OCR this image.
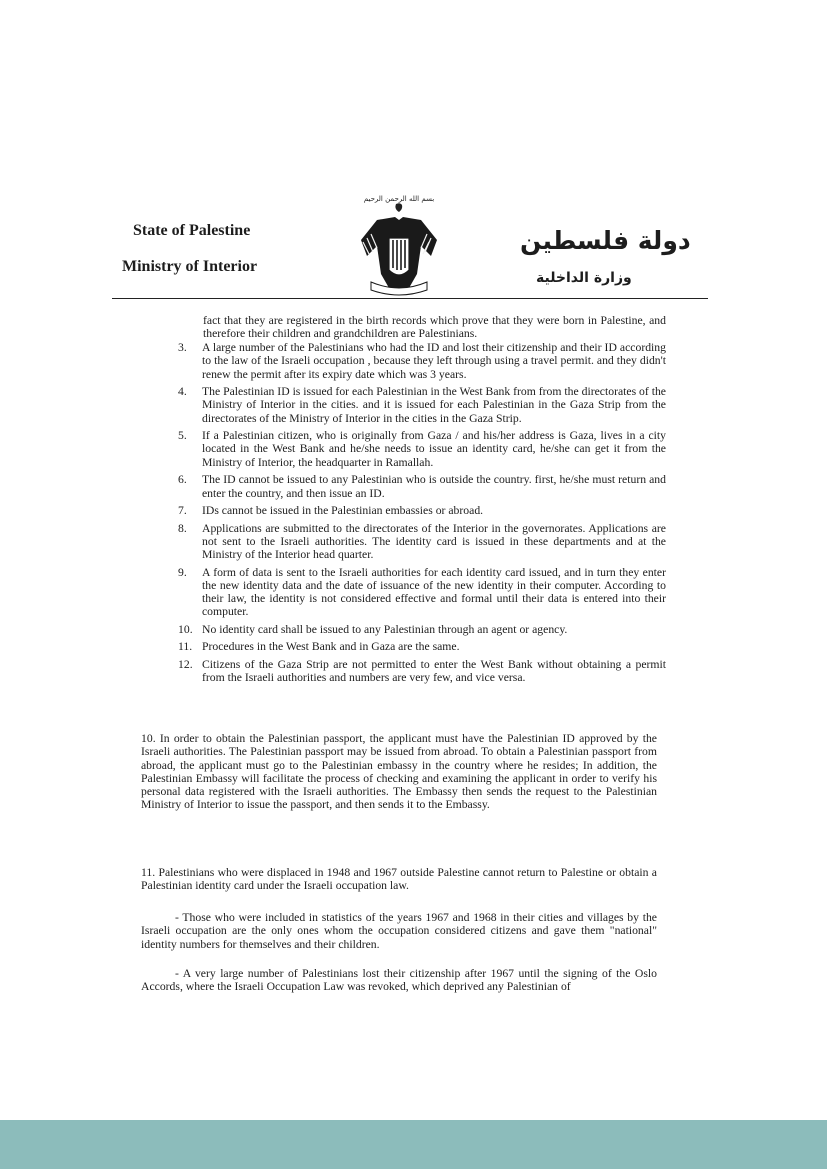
State of Palestine
Ministry of Interior
بسم الله الرحمن الرحيم
دولة فلسطين
وزارة الداخلية
fact that they are registered in the birth records which prove that they were born in Palestine, and therefore their children and grandchildren are Palestinians.
3.	A large number of the Palestinians who had the ID and lost their citizenship and their ID according to the law of the Israeli occupation , because they left through using a travel permit. and they didn't renew the permit after its expiry date which was 3 years.
4.	The Palestinian ID is issued for each Palestinian in the West Bank from from the directorates of the Ministry of Interior in the cities. and it is issued for each Palestinian in the Gaza Strip from the directorates of the Ministry of Interior in the cities in the Gaza Strip.
5.	If a Palestinian citizen, who is originally from Gaza / and his/her address is Gaza, lives in a city located in the West Bank and he/she needs to issue an identity card, he/she can get it from the Ministry of Interior, the headquarter in Ramallah.
6.	The ID cannot be issued to any Palestinian who is outside the country. first, he/she must return and enter the country, and then issue an ID.
7.	IDs cannot be issued in the Palestinian embassies or abroad.
8.	Applications are submitted to the directorates of the Interior in the governorates. Applications are not sent to the Israeli authorities. The identity card is issued in these departments and at the Ministry of the Interior head quarter.
9.	A form of data is sent to the Israeli authorities for each identity card issued, and in turn they enter the new identity data and the date of issuance of the new identity in their computer. According to their law, the identity is not considered effective and formal until their data is entered into their computer.
10. No identity card shall be issued to any Palestinian through an agent or agency.
11. Procedures in the West Bank and in Gaza are the same.
12. Citizens of the Gaza Strip are not permitted to enter the West Bank without obtaining a permit from the Israeli authorities and numbers are very few, and vice versa.
10. In order to obtain the Palestinian passport, the applicant must have the Palestinian ID approved by the Israeli authorities. The Palestinian passport may be issued from abroad. To obtain a Palestinian passport from abroad, the applicant must go to the Palestinian embassy in the country where he resides; In addition, the Palestinian Embassy will facilitate the process of checking and examining the applicant in order to verify his personal data registered with the Israeli authorities. The Embassy then sends the request to the Palestinian Ministry of Interior to issue the passport, and then sends it to the Embassy.
11. Palestinians who were displaced in 1948 and 1967 outside Palestine cannot return to Palestine or obtain a Palestinian identity card under the Israeli occupation law.
- Those who were included in statistics of the years 1967 and 1968 in their cities and villages by the Israeli occupation are the only ones whom the occupation considered citizens and gave them "national" identity numbers for themselves and their children.
- A very large number of Palestinians lost their citizenship after 1967 until the signing of the Oslo Accords, where the Israeli Occupation Law was revoked, which deprived any Palestinian of
